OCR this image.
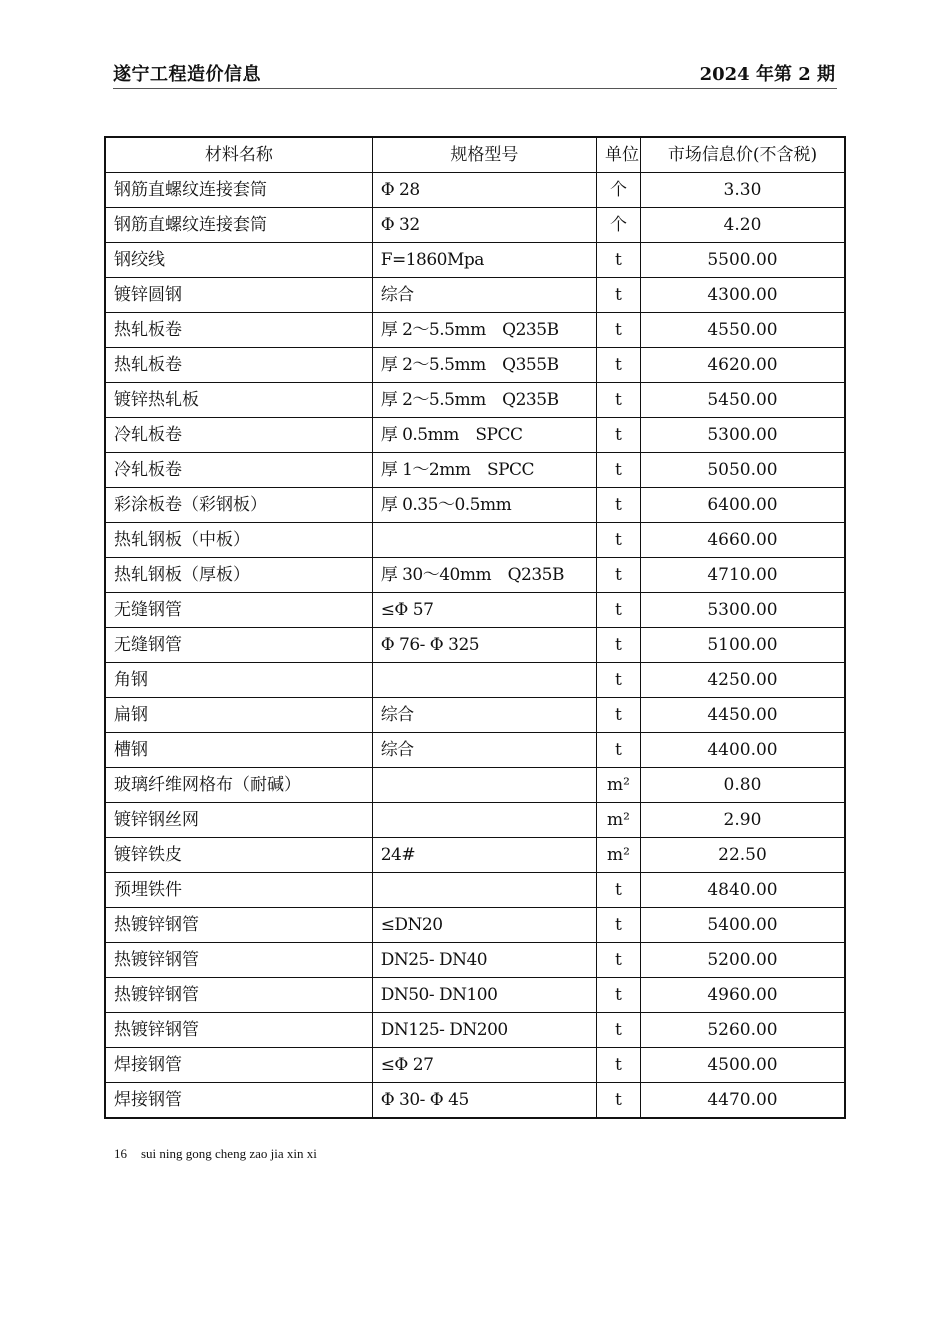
遂宁工程造价信息	2024 年第 2 期
材料名称	规格型号	单位	市场信息价(不含税)
钢筋直螺纹连接套筒	Φ 28	个	3.30
钢筋直螺纹连接套筒	Φ 32	个	4.20
钢绞线	F=1860Mpa	t	5500.00
镀锌圆钢	综合	t	4300.00
热轧板卷	厚 2～5.5mm　Q235B	t	4550.00
热轧板卷	厚 2～5.5mm　Q355B	t	4620.00
镀锌热轧板	厚 2～5.5mm　Q235B	t	5450.00
冷轧板卷	厚 0.5mm　SPCC	t	5300.00
冷轧板卷	厚 1～2mm　SPCC	t	5050.00
彩涂板卷（彩钢板）	厚 0.35～0.5mm	t	6400.00
热轧钢板（中板）		t	4660.00
热轧钢板（厚板）	厚 30～40mm　Q235B	t	4710.00
无缝钢管	≤Φ 57	t	5300.00
无缝钢管	Φ 76- Φ 325	t	5100.00
角钢		t	4250.00
扁钢	综合	t	4450.00
槽钢	综合	t	4400.00
玻璃纤维网格布（耐碱）		m²	0.80
镀锌钢丝网		m²	2.90
镀锌铁皮	24#	m²	22.50
预埋铁件		t	4840.00
热镀锌钢管	≤DN20	t	5400.00
热镀锌钢管	DN25- DN40	t	5200.00
热镀锌钢管	DN50- DN100	t	4960.00
热镀锌钢管	DN125- DN200	t	5260.00
焊接钢管	≤Φ 27	t	4500.00
焊接钢管	Φ 30- Φ 45	t	4470.00
16 sui ning gong cheng zao jia xin xi
